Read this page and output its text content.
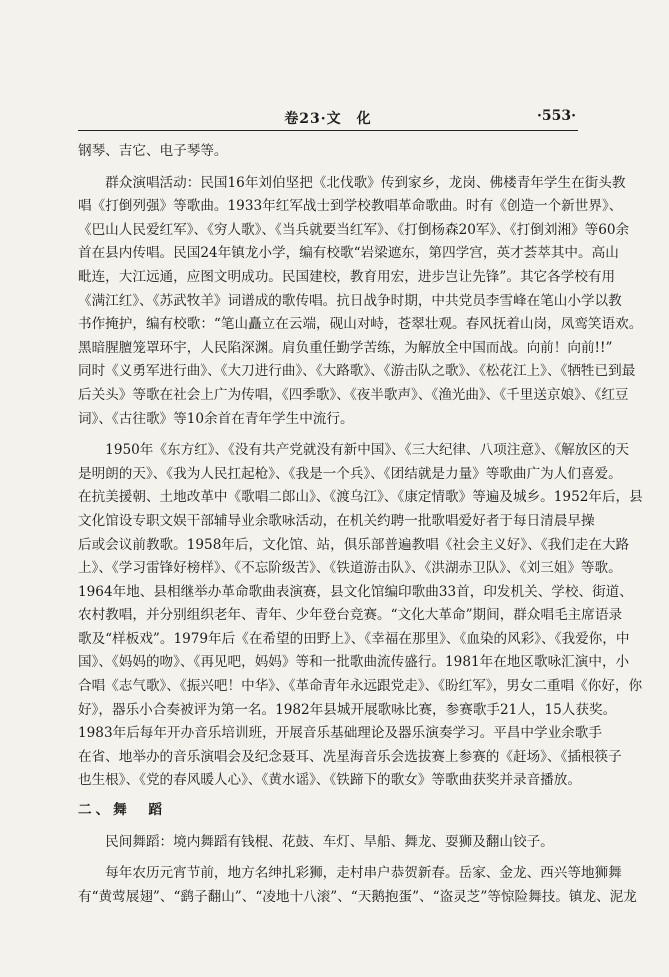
卷23·文　化	·553·
钢琴、吉它、电子琴等。
　　群众演唱活动：民国16年刘伯坚把《北伐歌》传到家乡，龙岗、佛楼青年学生在街头教
唱《打倒列强》等歌曲。1933年红军战士到学校教唱革命歌曲。时有《创造一个新世界》、
《巴山人民爱红军》、《穷人歌》、《当兵就要当红军》、《打倒杨森20军》、《打倒刘湘》等60余
首在县内传唱。民国24年镇龙小学，编有校歌“岩梁遮东，第四学宫，英才荟萃其中。高山
毗连，大江远通，应图文明成功。民国建校，教育用宏，进步岂让先锋”。其它各学校有用
《满江红》、《苏武牧羊》词谱成的歌传唱。抗日战争时期，中共党员李雪峰在笔山小学以教
书作掩护，编有校歌：“笔山矗立在云端，砚山对峙，苍翠壮观。春风抚着山岗，凤鸾笑语欢。
黑暗腥膻笼罩环宇，人民陷深渊。肩负重任勤学苦练，为解放全中国而战。向前！向前!!”
同时《义勇军进行曲》、《大刀进行曲》、《大路歌》、《游击队之歌》、《松花江上》、《牺牲已到最
后关头》等歌在社会上广为传唱，《四季歌》、《夜半歌声》、《渔光曲》、《千里送京娘》、《红豆
词》、《古往歌》等10余首在青年学生中流行。
　　1950年《东方红》、《没有共产党就没有新中国》、《三大纪律、八项注意》、《解放区的天
是明朗的天》、《我为人民扛起枪》、《我是一个兵》、《团结就是力量》等歌曲广为人们喜爱。
在抗美援朝、土地改革中《歌唱二郎山》、《渡乌江》、《康定情歌》等遍及城乡。1952年后，县
文化馆设专职文娱干部辅导业余歌咏活动，在机关约聘一批歌唱爱好者于每日清晨早操
后或会议前教歌。1958年后，文化馆、站，俱乐部普遍教唱《社会主义好》、《我们走在大路
上》、《学习雷锋好榜样》、《不忘阶级苦》、《铁道游击队》、《洪湖赤卫队》、《刘三姐》等歌。
1964年地、县相继举办革命歌曲表演赛，县文化馆编印歌曲33首，印发机关、学校、街道、
农村教唱，并分别组织老年、青年、少年登台竞赛。“文化大革命”期间，群众唱毛主席语录
歌及“样板戏”。1979年后《在希望的田野上》、《幸福在那里》、《血染的风彩》、《我爱你，中
国》、《妈妈的吻》、《再见吧，妈妈》等和一批歌曲流传盛行。1981年在地区歌咏汇演中，小
合唱《志气歌》、《振兴吧！中华》、《革命青年永远跟党走》、《盼红军》，男女二重唱《你好，你
好》，器乐小合奏被评为第一名。1982年县城开展歌咏比赛，参赛歌手21人，15人获奖。
1983年后每年开办音乐培训班，开展音乐基础理论及器乐演奏学习。平昌中学业余歌手
在省、地举办的音乐演唱会及纪念聂耳、冼星海音乐会选拔赛上参赛的《赶场》、《插根筷子
也生根》、《党的春风暖人心》、《黄水谣》、《铁蹄下的歌女》等歌曲获奖并录音播放。
二、舞　蹈
　　民间舞蹈：境内舞蹈有钱棍、花鼓、车灯、旱船、舞龙、耍狮及翻山铰子。
　　每年农历元宵节前，地方名绅扎彩狮，走村串户恭贺新春。岳家、金龙、西兴等地狮舞
有“黄莺展翅”、“鹞子翻山”、“凌地十八滚”、“天鹅抱蛋”、“盗灵芝”等惊险舞技。镇龙、泥龙
